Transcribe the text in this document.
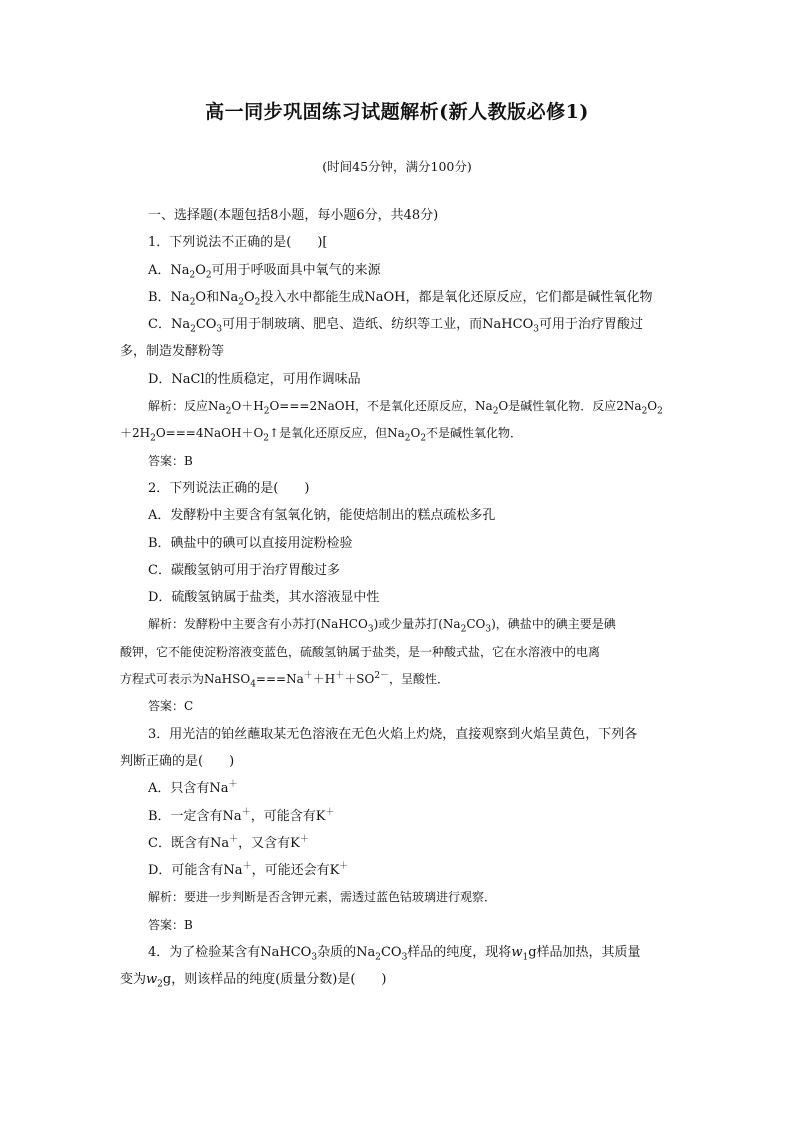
高一同步巩固练习试题解析(新人教版必修1)
(时间45分钟，满分100分)
一、选择题(本题包括8小题，每小题6分，共48分)
1．下列说法不正确的是(　　)[
A．$Na_2O_2$可用于呼吸面具中氧气的来源
B．$Na_2O$和$Na_2O_2$投入水中都能生成NaOH，都是氧化还原反应，它们都是碱性氧化物
C．$Na_2CO_3$可用于制玻璃、肥皂、造纸、纺织等工业，而NaHCO$_3$可用于治疗胃酸过
多，制造发酵粉等
D．NaCl的性质稳定，可用作调味品
解析：反应$Na_2O+H_2O===2NaOH$，不是氧化还原反应，$Na_2O$是碱性氧化物．反应$2Na_2O_2$
$+2H_2O===4NaOH+O_2↑$是氧化还原反应，但$Na_2O_2$不是碱性氧化物．
答案：B
2．下列说法正确的是(　　)
A．发酵粉中主要含有氢氧化钠，能使焙制出的糕点疏松多孔
B．碘盐中的碘可以直接用淀粉检验
C．碳酸氢钠可用于治疗胃酸过多
D．硫酸氢钠属于盐类，其水溶液显中性
解析：发酵粉中主要含有小苏打(NaHCO$_3$)或少量苏打$(Na_2CO_3)$，碘盐中的碘主要是碘
酸钾，它不能使淀粉溶液变蓝色，硫酸氢钠属于盐类，是一种酸式盐，它在水溶液中的电离
方程式可表示为$NaHSO_4===Na^++H^++SO^{2-}$，呈酸性．
答案：C
3．用光洁的铂丝蘸取某无色溶液在无色火焰上灼烧，直接观察到火焰呈黄色，下列各
判断正确的是(　　)
A．只含有Na＋
B．一定含有Na＋，可能含有K＋
C．既含有Na＋，又含有K＋
D．可能含有Na＋，可能还会有K＋
解析：要进一步判断是否含钾元素，需透过蓝色钴玻璃进行观察．
答案：B
4．为了检验某含有NaHCO$_3$杂质的$Na_2CO_3$样品的纯度，现将$w_1g$样品加热，其质量
变为$w_2g$，则该样品的纯度(质量分数)是(　　)
